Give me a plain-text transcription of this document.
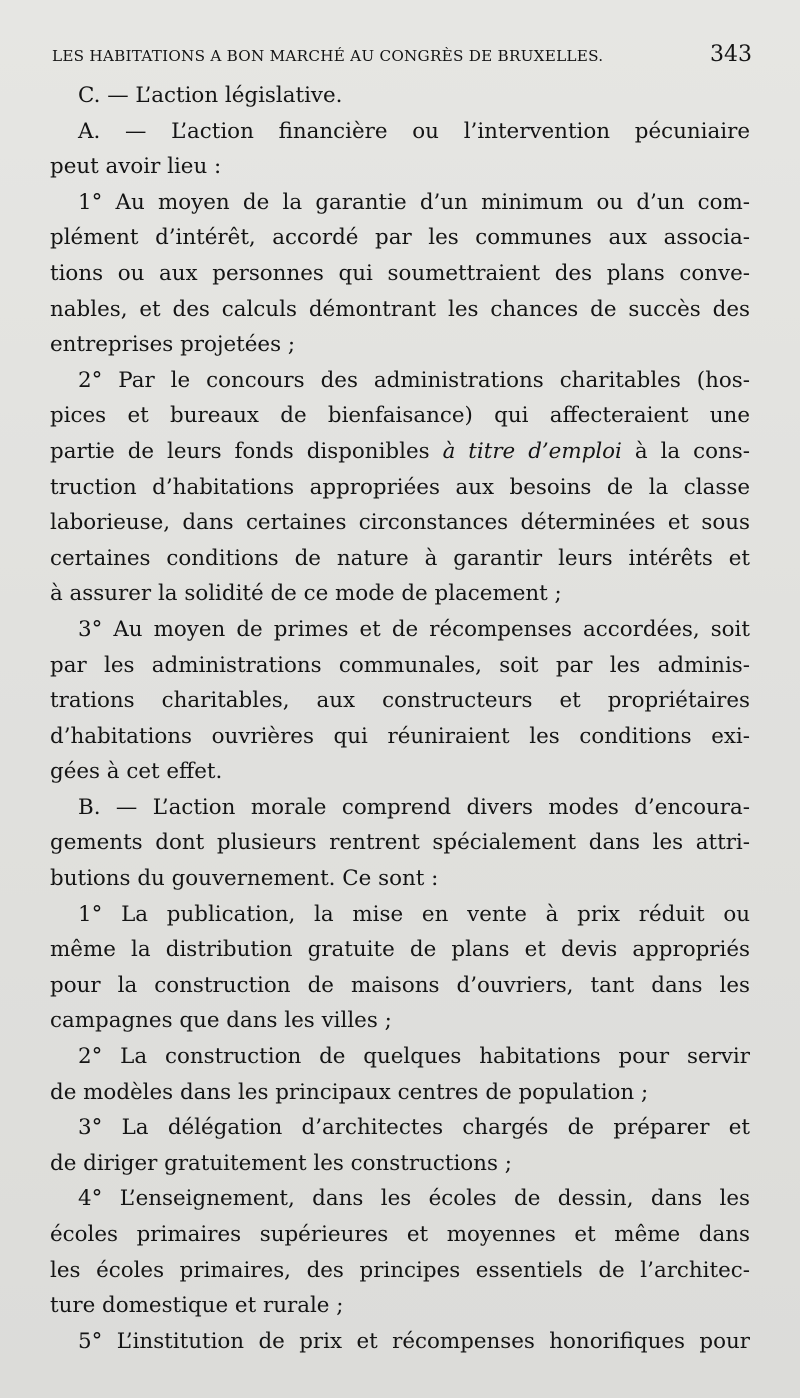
LES HABITATIONS A BON MARCHÉ AU CONGRÈS DE BRUXELLES.	343
C. — L’action législative.
A. — L’action financière ou l’intervention pécuniaire
peut avoir lieu :
1° Au moyen de la garantie d’un minimum ou d’un com-
plément d’intérêt, accordé par les communes aux associa-
tions ou aux personnes qui soumettraient des plans conve-
nables, et des calculs démontrant les chances de succès des
entreprises projetées ;
2° Par le concours des administrations charitables (hos-
pices et bureaux de bienfaisance) qui affecteraient une
partie de leurs fonds disponibles à titre d’emploi à la cons-
truction d’habitations appropriées aux besoins de la classe
laborieuse, dans certaines circonstances déterminées et sous
certaines conditions de nature à garantir leurs intérêts et
à assurer la solidité de ce mode de placement ;
3° Au moyen de primes et de récompenses accordées, soit
par les administrations communales, soit par les adminis-
trations charitables, aux constructeurs et propriétaires
d’habitations ouvrières qui réuniraient les conditions exi-
gées à cet effet.
B. — L’action morale comprend divers modes d’encoura-
gements dont plusieurs rentrent spécialement dans les attri-
butions du gouvernement. Ce sont :
1° La publication, la mise en vente à prix réduit ou
même la distribution gratuite de plans et devis appropriés
pour la construction de maisons d’ouvriers, tant dans les
campagnes que dans les villes ;
2° La construction de quelques habitations pour servir
de modèles dans les principaux centres de population ;
3° La délégation d’architectes chargés de préparer et
de diriger gratuitement les constructions ;
4° L’enseignement, dans les écoles de dessin, dans les
écoles primaires supérieures et moyennes et même dans
les écoles primaires, des principes essentiels de l’architec-
ture domestique et rurale ;
5° L’institution de prix et récompenses honorifiques pour
